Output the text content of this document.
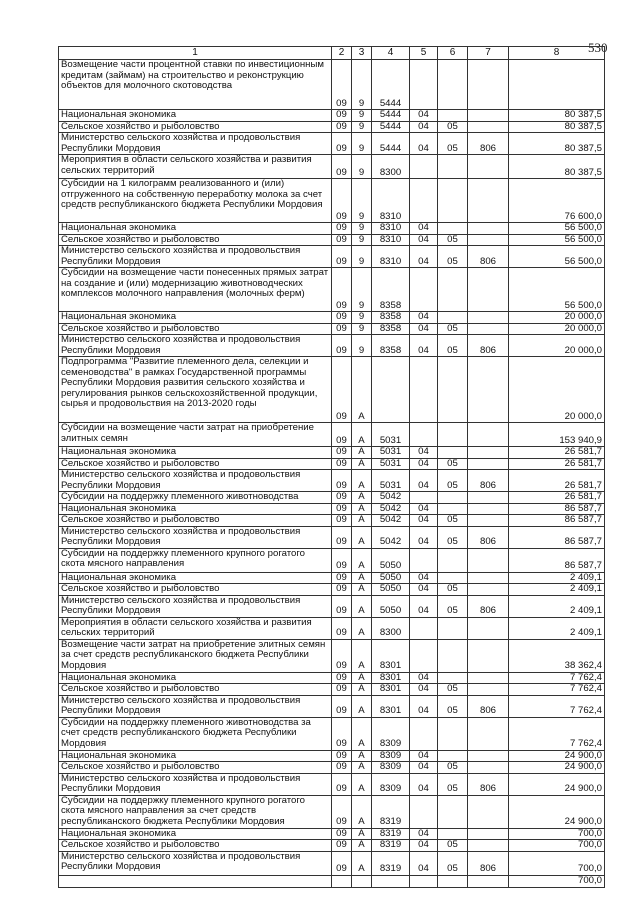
530
1	2	3	4	5	6	7	8
Возмещение части процентной ставки по инвестиционным кредитам (займам) на строительство и реконструкцию объектов для молочного скотоводства	09	9	5444				
Национальная экономика	09	9	5444	04			80 387,5
Сельское хозяйство и рыболовство	09	9	5444	04	05		80 387,5
Министерство сельского хозяйства и продовольствия Республики Мордовия	09	9	5444	04	05	806	80 387,5
Мероприятия в области сельского хозяйства и развития сельских территорий	09	9	8300				80 387,5
Субсидии на 1 килограмм реализованного и (или) отгруженного на собственную переработку молока за счет средств республиканского бюджета Республики Мордовия	09	9	8310				76 600,0
Национальная экономика	09	9	8310	04			56 500,0
Сельское хозяйство и рыболовство	09	9	8310	04	05		56 500,0
Министерство сельского хозяйства и продовольствия Республики Мордовия	09	9	8310	04	05	806	56 500,0
Субсидии на возмещение части понесенных прямых затрат на создание и (или) модернизацию животноводческих комплексов молочного направления (молочных ферм)	09	9	8358				56 500,0
Национальная экономика	09	9	8358	04			20 000,0
Сельское хозяйство и рыболовство	09	9	8358	04	05		20 000,0
Министерство сельского хозяйства и продовольствия Республики Мордовия	09	9	8358	04	05	806	20 000,0
Подпрограмма "Развитие племенного дела, селекции и семеноводства" в рамках Государственной программы Республики Мордовия развития сельского хозяйства и регулирования рынков сельскохозяйственной продукции, сырья и продовольствия на 2013-2020 годы	09	А					20 000,0
Субсидии на возмещение части затрат на приобретение элитных семян	09	А	5031				153 940,9
Национальная экономика	09	А	5031	04			26 581,7
Сельское хозяйство и рыболовство	09	А	5031	04	05		26 581,7
Министерство сельского хозяйства и продовольствия Республики Мордовия	09	А	5031	04	05	806	26 581,7
Субсидии на поддержку племенного животноводства	09	А	5042				26 581,7
Национальная экономика	09	А	5042	04			86 587,7
Сельское хозяйство и рыболовство	09	А	5042	04	05		86 587,7
Министерство сельского хозяйства и продовольствия Республики Мордовия	09	А	5042	04	05	806	86 587,7
Субсидии на поддержку племенного крупного рогатого скота мясного направления	09	А	5050				86 587,7
Национальная экономика	09	А	5050	04			2 409,1
Сельское хозяйство и рыболовство	09	А	5050	04	05		2 409,1
Министерство сельского хозяйства и продовольствия Республики Мордовия	09	А	5050	04	05	806	2 409,1
Мероприятия в области сельского хозяйства и развития сельских территорий	09	А	8300				2 409,1
Возмещение части затрат на приобретение элитных семян за счет средств республиканского бюджета Республики Мордовия	09	А	8301				38 362,4
Национальная экономика	09	А	8301	04			7 762,4
Сельское хозяйство и рыболовство	09	А	8301	04	05		7 762,4
Министерство сельского хозяйства и продовольствия Республики Мордовия	09	А	8301	04	05	806	7 762,4
Субсидии на поддержку племенного животноводства за счет средств республиканского бюджета Республики Мордовия	09	А	8309				7 762,4
Национальная экономика	09	А	8309	04			24 900,0
Сельское хозяйство и рыболовство	09	А	8309	04	05		24 900,0
Министерство сельского хозяйства и продовольствия Республики Мордовия	09	А	8309	04	05	806	24 900,0
Субсидии на поддержку племенного крупного рогатого скота мясного направления за счет средств республиканского бюджета Республики Мордовия	09	А	8319				24 900,0
Национальная экономика	09	А	8319	04			700,0
Сельское хозяйство и рыболовство	09	А	8319	04	05		700,0
Министерство сельского хозяйства и продовольствия Республики Мордовия	09	А	8319	04	05	806	700,0
							700,0
